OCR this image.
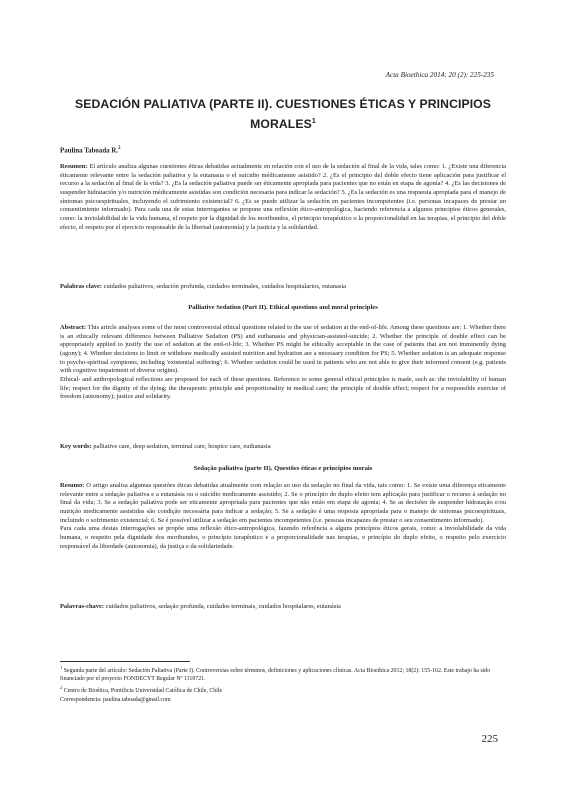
Acta Bioethica 2014; 20 (2): 225-235
SEDACIÓN PALIATIVA (PARTE II). CUESTIONES ÉTICAS Y PRINCIPIOS MORALES$^1$
Paulina Taboada R.$^2$

Resumen: El artículo analiza algunas cuestiones éticas debatidas actualmente en relación con el uso de la sedación al final de la vida, tales como: 1. ¿Existe una diferencia éticamente relevante entre la sedación paliativa y la eutanasia o el suicidio médicamente asistido? 2. ¿Es el principio del doble efecto tiene aplicación para justificar el recurso a la sedación al final de la vida? 3. ¿Es la sedación paliativa puede ser éticamente apropiada para pacientes que no están en etapa de agonía? 4. ¿Es las decisiones de suspender hidratación y/o nutrición médicamente asistidas son condición necesaria para indicar la sedación? 5. ¿Es la sedación es una respuesta apropiada para el manejo de síntomas psicoespirituales, incluyendo el sufrimiento existencial? 6. ¿Es se puede utilizar la sedación en pacientes incompetentes (i.e. personas incapaces de prestar un consentimiento informado). Para cada una de estas interrogantes se propone una reflexión ético-antropológica, haciendo referencia a algunos principios éticos generales, como: la inviolabilidad de la vida humana, el respeto por la dignidad de los moribundos, el principio terapéutico o la proporcionalidad en las terapias, el principio del doble efecto, el respeto por el ejercicio responsable de la libertad (autonomía) y la justicia y la solidaridad.

Palabras clave: cuidados paliativos, sedación profunda, cuidados terminales, cuidados hospitalarios, eutanasia

Palliative Sedation (Part II). Ethical questions and moral principles

Abstract: This article analyses some of the most controversial ethical questions related to the use of sedation at the end-of-life. Among these questions are: 1. Whether there is an ethically relevant difference between Palliative Sedation (PS) and euthanasia and physician-assisted-suicide; 2. Whether the principle of double effect can be appropriately applied to justify the use of sedation at the end-of-life; 3. Whether PS might be ethically acceptable in the case of patients that are not imminently dying (agony); 4. Whether decisions to limit or withdraw medically assisted nutrition and hydration are a necessary condition for PS; 5. Whether sedation is an adequate response to psycho-spiritual symptoms, including 'existential suffering'; 6. Whether sedation could be used in patients who are not able to give their informed consent (e.g. patients with cognitive impairment of diverse origins).

Ethical- and anthropological reflections are proposed for each of these questions. Reference to some general ethical principles is made, such as: the inviolability of human life; respect for the dignity of the dying; the therapeutic principle and proportionality in medical care; the principle of double effect; respect for a responsible exercise of freedom (autonomy); justice and solidarity.

Key words: palliative care, deep sedation, terminal care, hospice care, euthanasia

Sedação paliativa (parte II). Questões éticas e princípios morais

Resumo: O artigo analisa algumas questões éticas debatidas atualmente com relação ao uso da sedação no final da vida, tais como: 1. Se existe uma diferença eticamente relevante entre a sedação paliativa e a eutanásia ou o suicídio medicamente assistido; 2. Se o princípio do duplo efeito tem aplicação para justificar o recurso à sedação no final da vida; 3. Se a sedação paliativa pode ser eticamente apropriada para pacientes que não estão em etapa de agonia; 4. Se as decisões de suspender hidratação e/ou nutrição medicamente assistidas são condição necessária para indicar a sedação; 5. Se a sedação é uma resposta apropriada para o manejo de sintomas psicoespirituais, incluindo o sofrimento existencial; 6. Se é possível utilizar a sedação em pacientes incompetentes (i.e. pessoas incapazes de prestar o seu consentimento informado).

Para cada uma destas interrogações se propõe uma reflexão ético-antropológica, fazendo referência a alguns princípios éticos gerais, como: a inviolabilidade da vida humana, o respeito pela dignidade dos moribundos, o princípio terapêutico e a proporcionalidade nas terapias, o princípio do duplo efeito, o respeito pelo exercício responsável da liberdade (autonomia), da justiça e da solidariedade.

Palavras-chave: cuidados paliativos, sedação profunda, cuidados terminais, cuidados hospitalares, eutanásia

$^1$ Segunda parte del artículo: Sedación Paliativa (Parte I). Controversias sobre términos, definiciones y aplicaciones clínicas. Acta Bioethica 2012; 18(2): 155-162. Este trabajo ha sido financiado por el proyecto FONDECYT Regular Nº 1110721.

$^2$ Centro de Bioética, Pontificia Universidad Católica de Chile, Chile

Correspondencia: paulina.taboada@gmail.com

225
